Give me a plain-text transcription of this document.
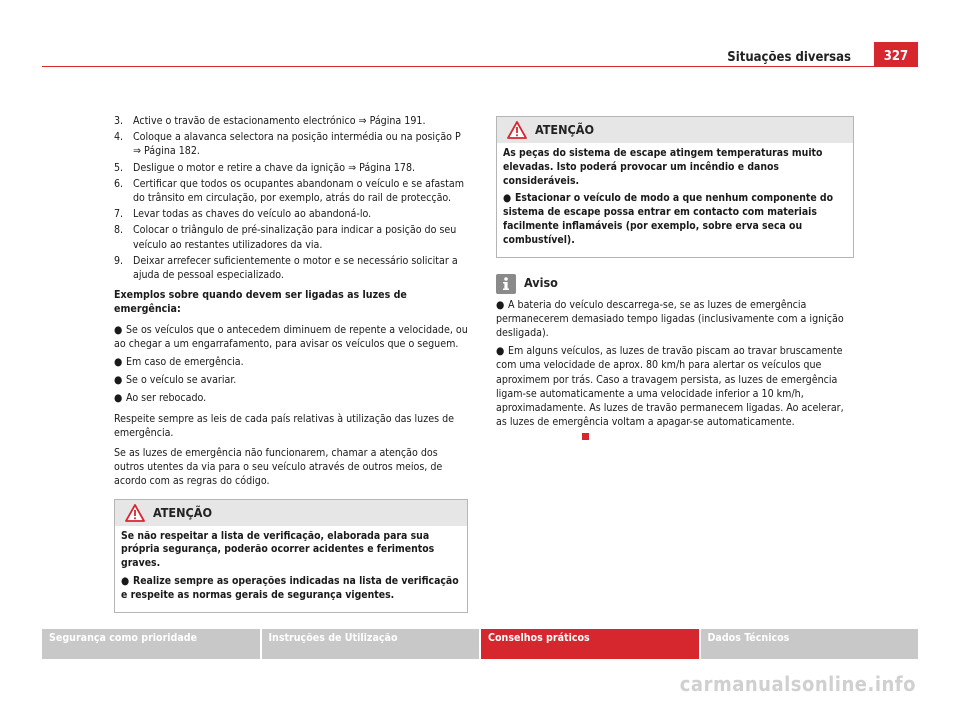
Situações diversas	327
3. Active o travão de estacionamento electrónico ⇒ Página 191.
4. Coloque a alavanca selectora na posição intermédia ou na posição P ⇒ Página 182.
5. Desligue o motor e retire a chave da ignição ⇒ Página 178.
6. Certificar que todos os ocupantes abandonam o veículo e se afastam do trânsito em circulação, por exemplo, atrás do rail de protecção.
7. Levar todas as chaves do veículo ao abandoná-lo.
8. Colocar o triângulo de pré-sinalização para indicar a posição do seu veículo ao restantes utilizadores da via.
9. Deixar arrefecer suficientemente o motor e se necessário solicitar a ajuda de pessoal especializado.

Exemplos sobre quando devem ser ligadas as luzes de emergência:

● Se os veículos que o antecedem diminuem de repente a velocidade, ou ao chegar a um engarrafamento, para avisar os veículos que o seguem.
● Em caso de emergência.
● Se o veículo se avariar.
● Ao ser rebocado.

Respeite sempre as leis de cada país relativas à utilização das luzes de emergência.

Se as luzes de emergência não funcionarem, chamar a atenção dos outros utentes da via para o seu veículo através de outros meios, de acordo com as regras do código.

ATENÇÃO

Se não respeitar a lista de verificação, elaborada para sua própria segurança, poderão ocorrer acidentes e ferimentos graves.

● Realize sempre as operações indicadas na lista de verificação e respeite as normas gerais de segurança vigentes.

ATENÇÃO

As peças do sistema de escape atingem temperaturas muito elevadas. Isto poderá provocar um incêndio e danos consideráveis.

● Estacionar o veículo de modo a que nenhum componente do sistema de escape possa entrar em contacto com materiais facilmente inflamáveis (por exemplo, sobre erva seca ou combustível).

Aviso
● A bateria do veículo descarrega-se, se as luzes de emergência permanecerem demasiado tempo ligadas (inclusivamente com a ignição desligada).
● Em alguns veículos, as luzes de travão piscam ao travar bruscamente com uma velocidade de aprox. 80 km/h para alertar os veículos que aproximem por trás. Caso a travagem persista, as luzes de emergência ligam-se automaticamente a uma velocidade inferior a 10 km/h, aproximadamente. As luzes de travão permanecem ligadas. Ao acelerar, as luzes de emergência voltam a apagar-se automaticamente.
Segurança como prioridade	Instruções de Utilização	Conselhos práticos	Dados Técnicos
carmanualsonline.info
